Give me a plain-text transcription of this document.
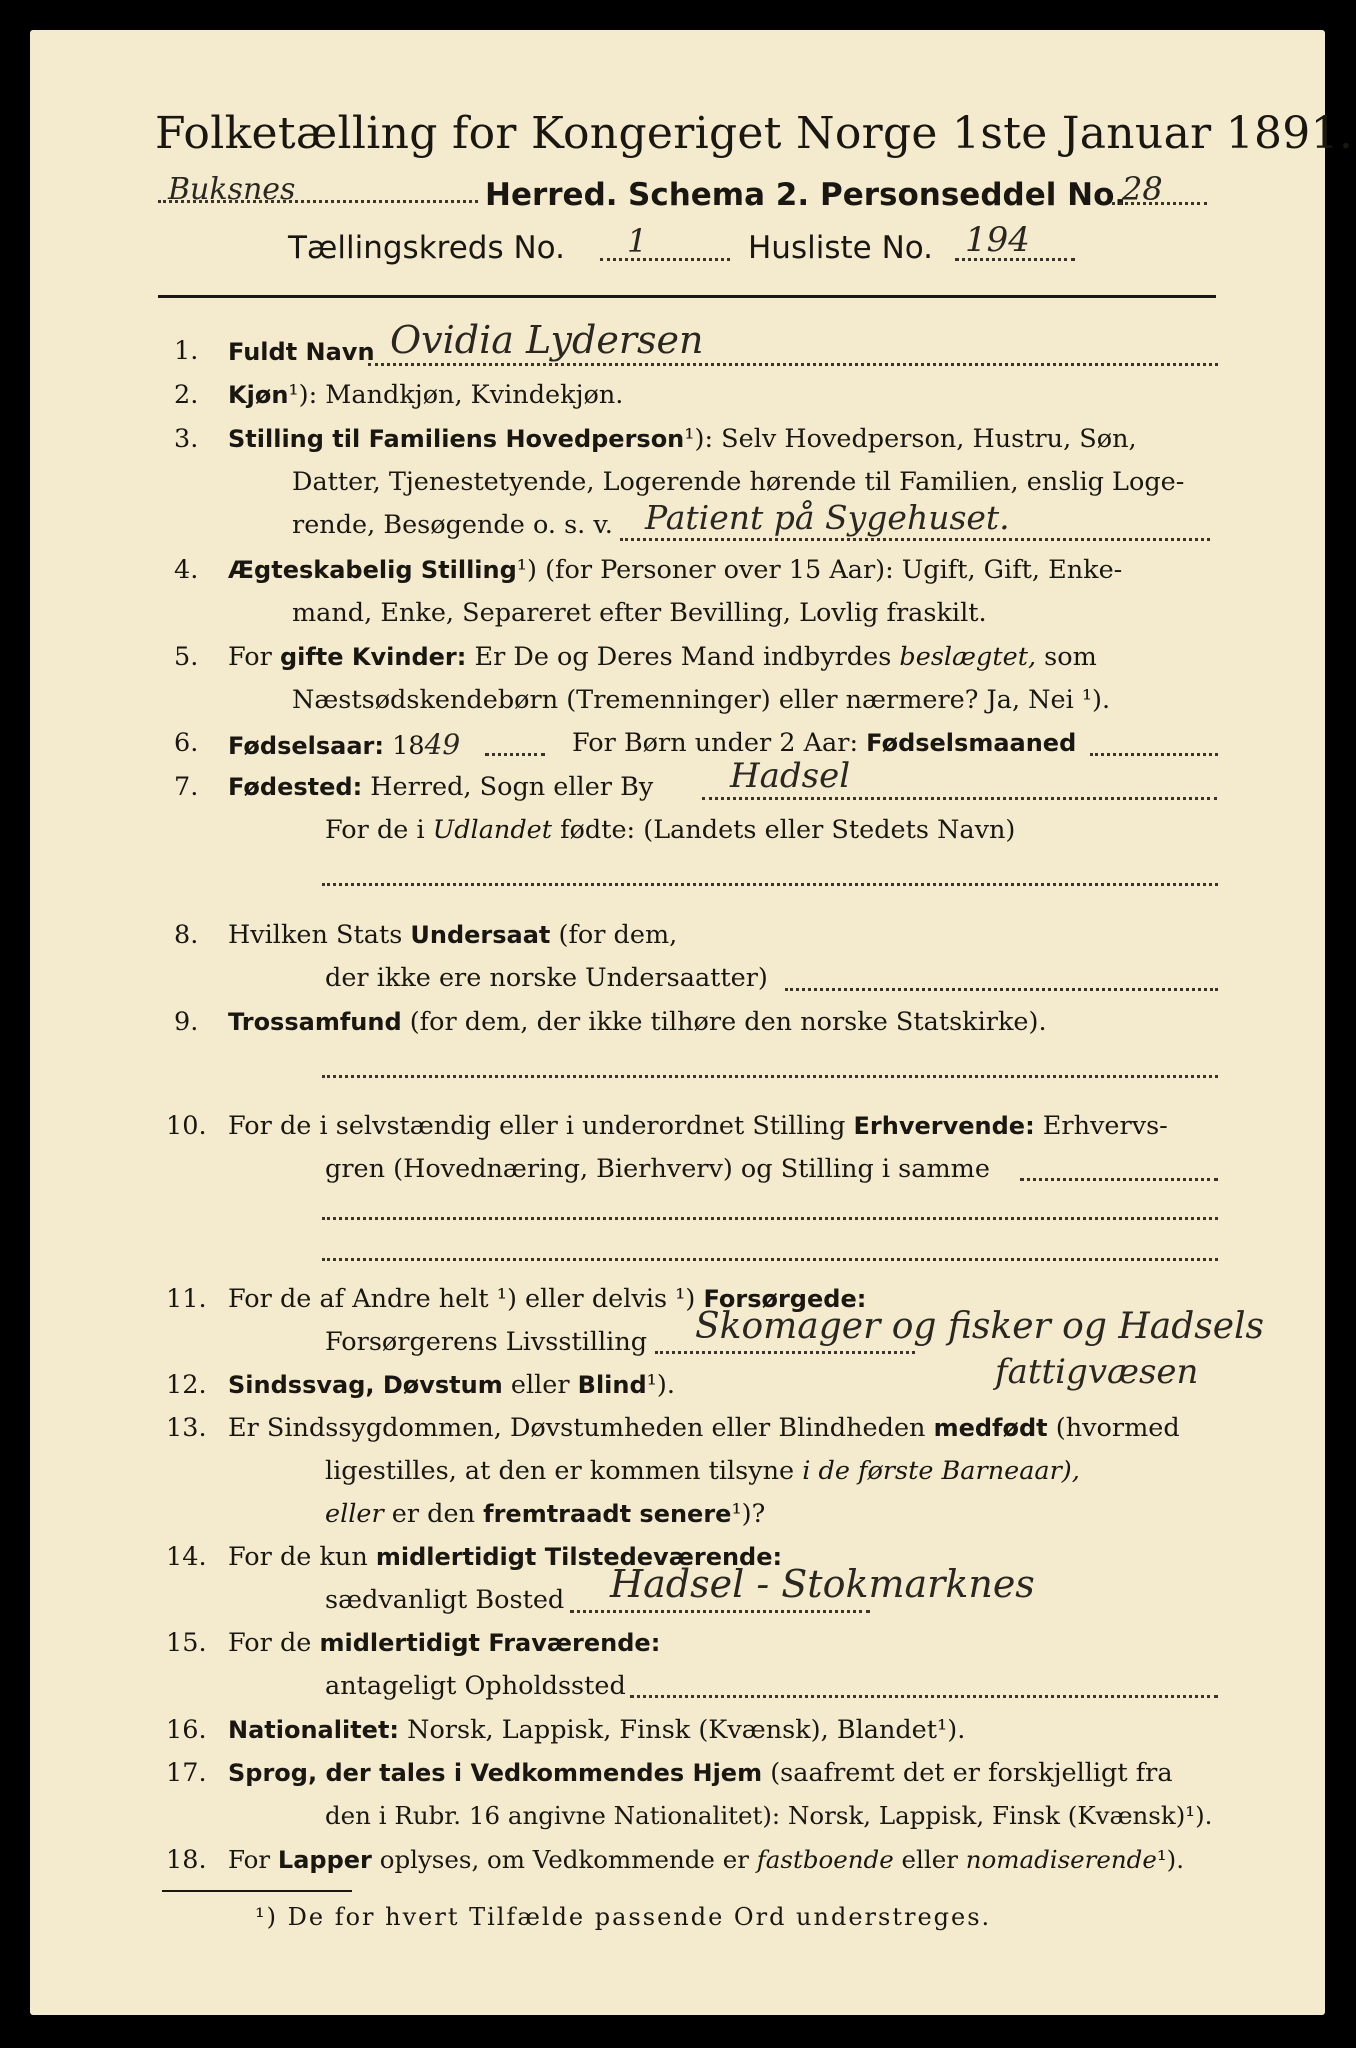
Folketælling for Kongeriget Norge 1ste Januar 1891.
Buksnes	Herred. Schema 2. Personseddel No.
28
Tællingskreds No. 1	Husliste No. 194
1. Fuldt Navn Ovidia Lydersen
2. Kjøn¹): Mandkjøn, Kvindekjøn.
3. Stilling til Familiens Hovedperson¹): Selv Hovedperson, Hustru, Søn,
Datter, Tjenestetyende, Logerende hørende til Familien, enslig Loge-
rende, Besøgende o. s. v. Patient på Sygehuset.
4. Ægteskabelig Stilling¹) (for Personer over 15 Aar): Ugift, Gift, Enke-
mand, Enke, Separeret efter Bevilling, Lovlig fraskilt.
5. For gifte Kvinder: Er De og Deres Mand indbyrdes beslægtet, som
Næstsødskendebørn (Tremenninger) eller nærmere? Ja, Nei ¹).
6. Fødselsaar: 1849	For Børn under 2 Aar: Fødselsmaaned
7. Fødested: Herred, Sogn eller By Hadsel
For de i Udlandet fødte: (Landets eller Stedets Navn)
8. Hvilken Stats Undersaat (for dem,
der ikke ere norske Undersaatter)
9. Trossamfund (for dem, der ikke tilhøre den norske Statskirke).
10. For de i selvstændig eller i underordnet Stilling Erhvervende: Erhvervs-
gren (Hovednæring, Bierhverv) og Stilling i samme
11. For de af Andre helt ¹) eller delvis ¹) Forsørgede:
Forsørgerens Livsstilling Skomager og fisker og Hadsels
fattigvæsen
12. Sindssvag, Døvstum eller Blind¹).
13. Er Sindssygdommen, Døvstumheden eller Blindheden medfødt (hvormed
ligestilles, at den er kommen tilsyne i de første Barneaar),
eller er den fremtraadt senere¹)?
14. For de kun midlertidigt Tilstedeværende:
sædvanligt Bosted Hadsel - Stokmarknes
15. For de midlertidigt Fraværende:
antageligt Opholdssted
16. Nationalitet: Norsk, Lappisk, Finsk (Kvænsk), Blandet¹).
17. Sprog, der tales i Vedkommendes Hjem (saafremt det er forskjelligt fra
den i Rubr. 16 angivne Nationalitet): Norsk, Lappisk, Finsk (Kvænsk)¹).
18. For Lapper oplyses, om Vedkommende er fastboende eller nomadiserende¹).
¹) De for hvert Tilfælde passende Ord understreges.
